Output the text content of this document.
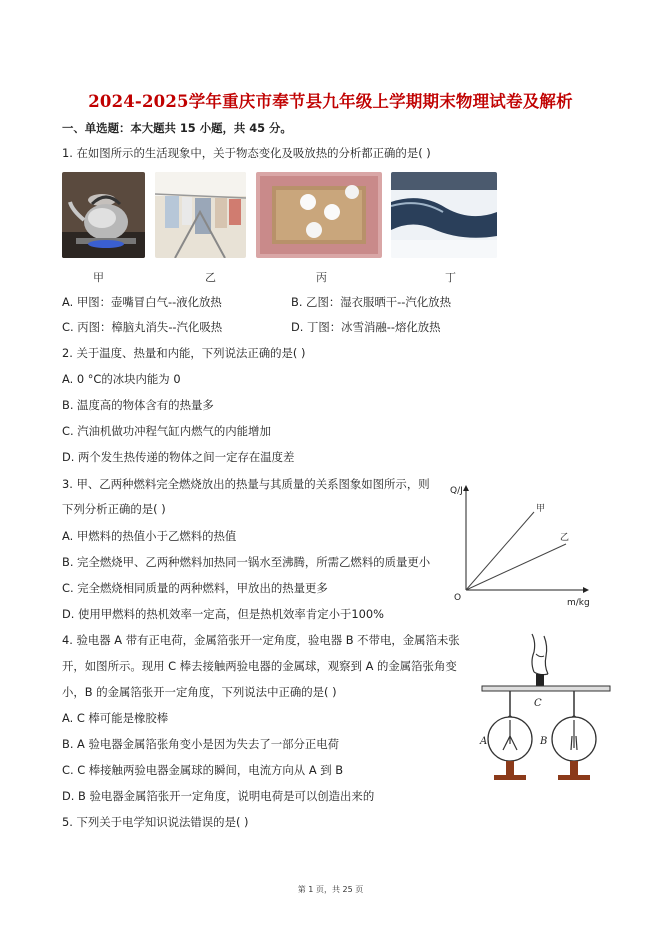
2024-2025学年重庆市奉节县九年级上学期期末物理试卷及解析
一、单选题：本大题共 15 小题，共 45 分。
1. 在如图所示的生活现象中，关于物态变化及吸放热的分析都正确的是( )
甲	乙	丙	丁
A. 甲图：壶嘴冒白气--液化放热	B. 乙图：湿衣服晒干--汽化放热
C. 丙图：樟脑丸消失--汽化吸热	D. 丁图：冰雪消融--熔化放热
2. 关于温度、热量和内能，下列说法正确的是( )
A. 0 °C的冰块内能为 0
B. 温度高的物体含有的热量多
C. 汽油机做功冲程气缸内燃气的内能增加
D. 两个发生热传递的物体之间一定存在温度差
3. 甲、乙两种燃料完全燃烧放出的热量与其质量的关系图象如图所示，则
下列分析正确的是( )
A. 甲燃料的热值小于乙燃料的热值
B. 完全燃烧甲、乙两种燃料加热同一锅水至沸腾，所需乙燃料的质量更小
C. 完全燃烧相同质量的两种燃料，甲放出的热量更多
D. 使用甲燃料的热机效率一定高，但是热机效率肯定小于100%
Q/J
m/kg
O
甲
乙
4. 验电器 A 带有正电荷，金属箔张开一定角度，验电器 B 不带电，金属箔未张
开，如图所示。现用 C 棒去接触两验电器的金属球，观察到 A 的金属箔张角变
小，B 的金属箔张开一定角度，下列说法中正确的是( )
A. C 棒可能是橡胶棒
B. A 验电器金属箔张角变小是因为失去了一部分正电荷
C. C 棒接触两验电器金属球的瞬间，电流方向从 A 到 B
D. B 验电器金属箔张开一定角度，说明电荷是可以创造出来的
C
A	B
5. 下列关于电学知识说法错误的是( )
第 1 页，共 25 页
